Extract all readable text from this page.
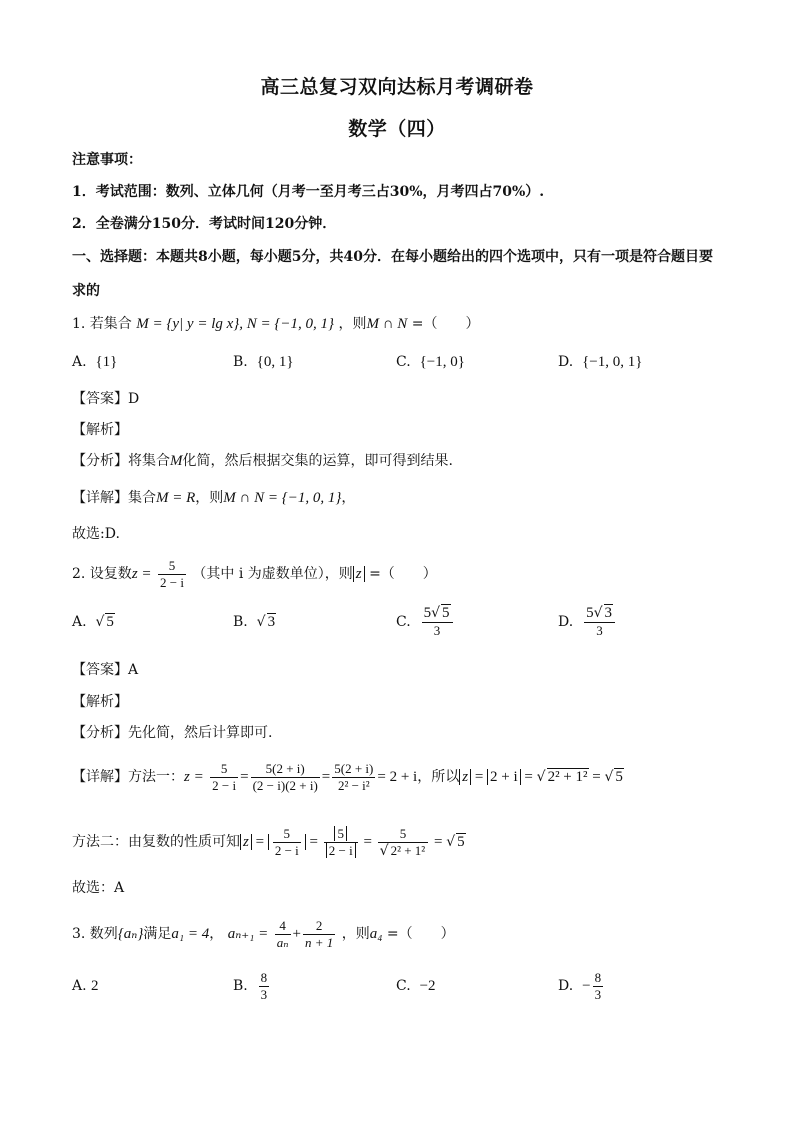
高三总复习双向达标月考调研卷
数学（四）
注意事项：
1．考试范围：数列、立体几何（月考一至月考三占30%，月考四占70%）.
2．全卷满分150分．考试时间120分钟．
一、选择题：本题共8小题，每小题5分，共40分．在每小题给出的四个选项中，只有一项是符合题目要求的
1. 若集合 M = {y| y = lg x}, N = {−1, 0, 1} ，则M ∩ N =（　　）
A. {1}	B. {0, 1}	C. {−1, 0}	D. {−1, 0, 1}
【答案】D
【解析】
【分析】将集合M化简，然后根据交集的运算，即可得到结果.
【详解】集合M = R，则M ∩ N = {−1, 0, 1}，
故选:D.
2. 设复数$z = \frac{5}{2 - i}$ （其中 i 为虚数单位），则 z =（　　）
A. √ 5	B. √ 3	C. $\frac{5√ 5}{3}$	D. $\frac{5√ 3}{3}$
【答案】A
【解析】
【分析】先化简，然后计算即可.
【详解】方法一：$z = \frac{5}{2 - i} = \frac{5(2 + i)}{(2 - i)(2 + i)} = \frac{5(2 + i)}{\text{2² − i²}} = 2 + i$，所以 z = 2 + i = √ 2² + 1² = √ 5
方法二：由复数的性质可知 $z = \frac{5}{2 - i} = \frac{5}{2 - i} = \frac{5}{\text{√ 2² + 1²}}$ = √ 5
故选：A
3. 数列{aₙ}满足a₁ = 4， $a_{n+1} = \frac{4}{\text{aₙ}} + \frac{2}{n + 1}$ ，则a₄ =（　　）
A. 2	B. $\frac{8}{3}$	C. −2	D. − $\frac{8}{3}$
